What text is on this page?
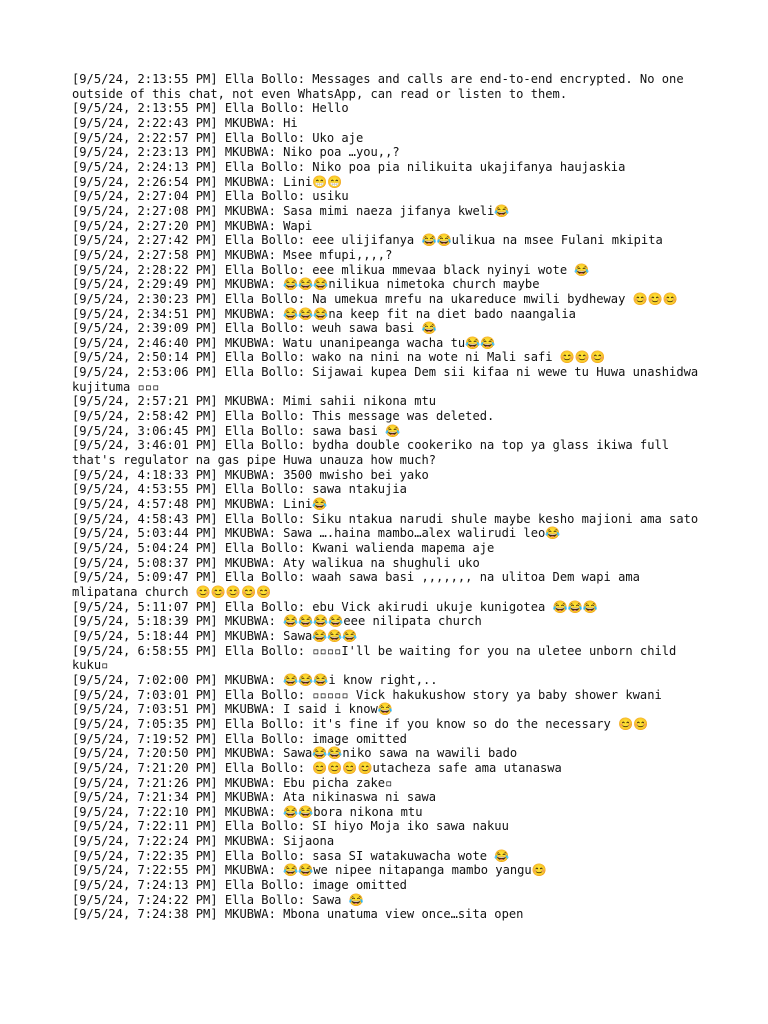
[9/5/24, 2:13:55 PM] Ella Bollo: Messages and calls are end-to-end encrypted. No one outside of this chat, not even WhatsApp, can read or listen to them.
[9/5/24, 2:13:55 PM] Ella Bollo: Hello
[9/5/24, 2:22:43 PM] MKUBWA: Hi
[9/5/24, 2:22:57 PM] Ella Bollo: Uko aje
[9/5/24, 2:23:13 PM] MKUBWA: Niko poa …you,,?
[9/5/24, 2:24:13 PM] Ella Bollo: Niko poa pia nilikuita ukajifanya haujaskia
[9/5/24, 2:26:54 PM] MKUBWA: Lini😁😁
[9/5/24, 2:27:04 PM] Ella Bollo: usiku
[9/5/24, 2:27:08 PM] MKUBWA: Sasa mimi naeza jifanya kweli😂
[9/5/24, 2:27:20 PM] MKUBWA: Wapi
[9/5/24, 2:27:42 PM] Ella Bollo: eee ulijifanya 😂😂ulikua na msee Fulani mkipita
[9/5/24, 2:27:58 PM] MKUBWA: Msee mfupi,,,,?
[9/5/24, 2:28:22 PM] Ella Bollo: eee mlikua mmevaa black nyinyi wote 😂
[9/5/24, 2:29:49 PM] MKUBWA: 😂😂😂nilikua nimetoka church maybe
[9/5/24, 2:30:23 PM] Ella Bollo: Na umekua mrefu na ukareduce mwili bydheway 😊😊😊
[9/5/24, 2:34:51 PM] MKUBWA: 😂😂😂na keep fit na diet bado naangalia
[9/5/24, 2:39:09 PM] Ella Bollo: weuh sawa basi 😂
[9/5/24, 2:46:40 PM] MKUBWA: Watu unanipeanga wacha tu😂😂
[9/5/24, 2:50:14 PM] Ella Bollo: wako na nini na wote ni Mali safi 😊😊😊
[9/5/24, 2:53:06 PM] Ella Bollo: Sijawai kupea Dem sii kifaa ni wewe tu Huwa unashidwa kujituma ▫▫▫
[9/5/24, 2:57:21 PM] MKUBWA: Mimi sahii nikona mtu
[9/5/24, 2:58:42 PM] Ella Bollo: This message was deleted.
[9/5/24, 3:06:45 PM] Ella Bollo: sawa basi 😂
[9/5/24, 3:46:01 PM] Ella Bollo: bydha double cookeriko na top ya glass ikiwa full that's regulator na gas pipe Huwa unauza how much?
[9/5/24, 4:18:33 PM] MKUBWA: 3500 mwisho bei yako
[9/5/24, 4:53:55 PM] Ella Bollo: sawa ntakujia
[9/5/24, 4:57:48 PM] MKUBWA: Lini😂
[9/5/24, 4:58:43 PM] Ella Bollo: Siku ntakua narudi shule maybe kesho majioni ama sato
[9/5/24, 5:03:44 PM] MKUBWA: Sawa ….haina mambo…alex walirudi leo😂
[9/5/24, 5:04:24 PM] Ella Bollo: Kwani walienda mapema aje
[9/5/24, 5:08:37 PM] MKUBWA: Aty walikua na shughuli uko
[9/5/24, 5:09:47 PM] Ella Bollo: waah sawa basi ,,,,,,, na ulitoa Dem wapi ama mlipatana church 😊😊😊😊😊
[9/5/24, 5:11:07 PM] Ella Bollo: ebu Vick akirudi ukuje kunigotea 😂😂😂
[9/5/24, 5:18:39 PM] MKUBWA: 😂😂😂😂eee nilipata church
[9/5/24, 5:18:44 PM] MKUBWA: Sawa😂😂😂
[9/5/24, 6:58:55 PM] Ella Bollo: ▫▫▫▫I'll be waiting for you na uletee unborn child kuku▫
[9/5/24, 7:02:00 PM] MKUBWA: 😂😂😂i know right,..
[9/5/24, 7:03:01 PM] Ella Bollo: ▫▫▫▫▫ Vick hakukushow story ya baby shower kwani
[9/5/24, 7:03:51 PM] MKUBWA: I said i know😂
[9/5/24, 7:05:35 PM] Ella Bollo: it's fine if you know so do the necessary 😊😊
[9/5/24, 7:19:52 PM] Ella Bollo: image omitted
[9/5/24, 7:20:50 PM] MKUBWA: Sawa😂😂niko sawa na wawili bado
[9/5/24, 7:21:20 PM] Ella Bollo: 😊😊😊😊utacheza safe ama utanaswa
[9/5/24, 7:21:26 PM] MKUBWA: Ebu picha zake▫
[9/5/24, 7:21:34 PM] MKUBWA: Ata nikinaswa ni sawa
[9/5/24, 7:22:10 PM] MKUBWA: 😂😂bora nikona mtu
[9/5/24, 7:22:11 PM] Ella Bollo: SI hiyo Moja iko sawa nakuu
[9/5/24, 7:22:24 PM] MKUBWA: Sijaona
[9/5/24, 7:22:35 PM] Ella Bollo: sasa SI watakuwacha wote 😂
[9/5/24, 7:22:55 PM] MKUBWA: 😂😂we nipee nitapanga mambo yangu😊
[9/5/24, 7:24:13 PM] Ella Bollo: image omitted
[9/5/24, 7:24:22 PM] Ella Bollo: Sawa 😂
[9/5/24, 7:24:38 PM] MKUBWA: Mbona unatuma view once…sita open
